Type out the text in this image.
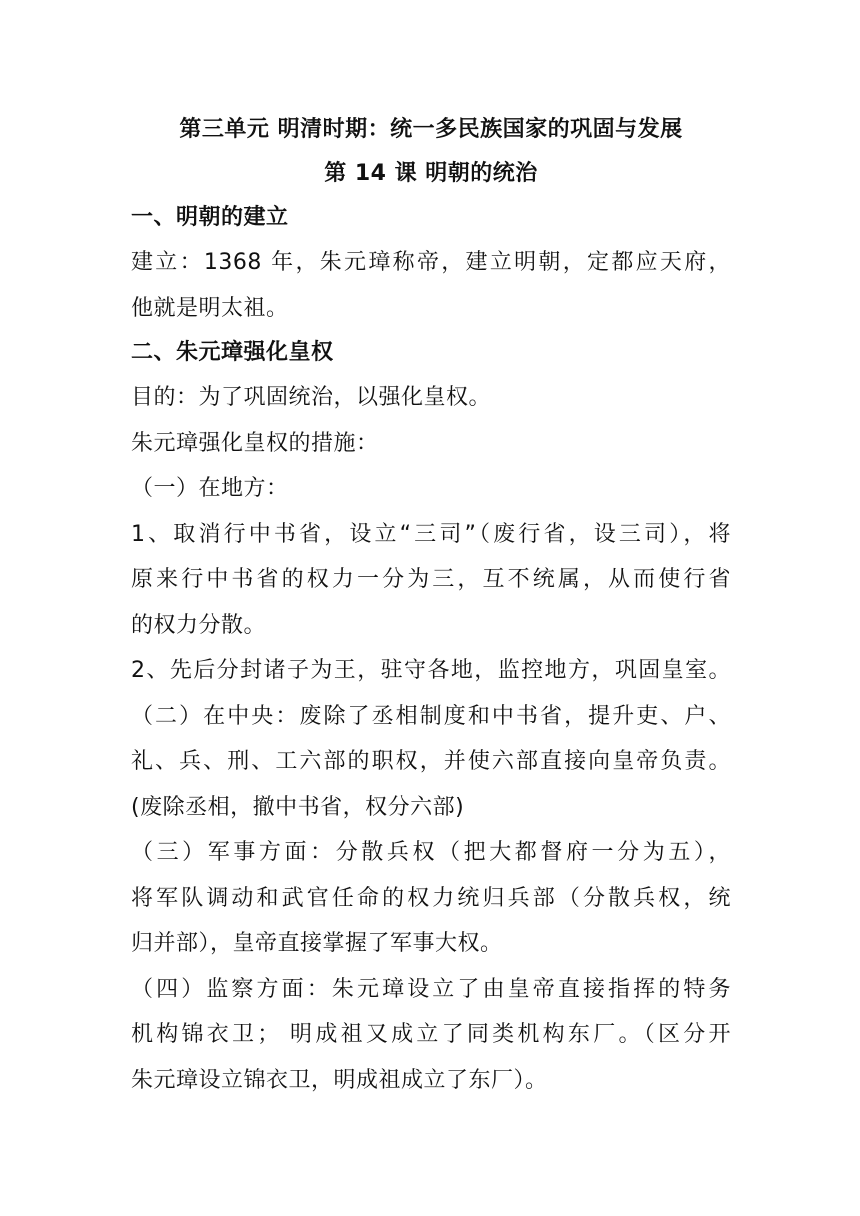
第三单元 明清时期：统一多民族国家的巩固与发展
第 14 课 明朝的统治
一、明朝的建立

建立：1368 年，朱元璋称帝，建立明朝，定都应天府，
他就是明太祖。

二、朱元璋强化皇权

目的：为了巩固统治，以强化皇权。

朱元璋强化皇权的措施：

（一）在地方：

1、取消行中书省，设立“三司”（废行省，设三司），将
原来行中书省的权力一分为三，互不统属，从而使行省
的权力分散。

2、先后分封诸子为王，驻守各地，监控地方，巩固皇室。

（二）在中央：废除了丞相制度和中书省，提升吏、户、
礼、兵、刑、工六部的职权，并使六部直接向皇帝负责。
(废除丞相，撤中书省，权分六部)

（三）军事方面：分散兵权（把大都督府一分为五），
将军队调动和武官任命的权力统归兵部（分散兵权，统
归并部），皇帝直接掌握了军事大权。

（四）监察方面：朱元璋设立了由皇帝直接指挥的特务
机构锦衣卫； 明成祖又成立了同类机构东厂。（区分开
朱元璋设立锦衣卫，明成祖成立了东厂）。
